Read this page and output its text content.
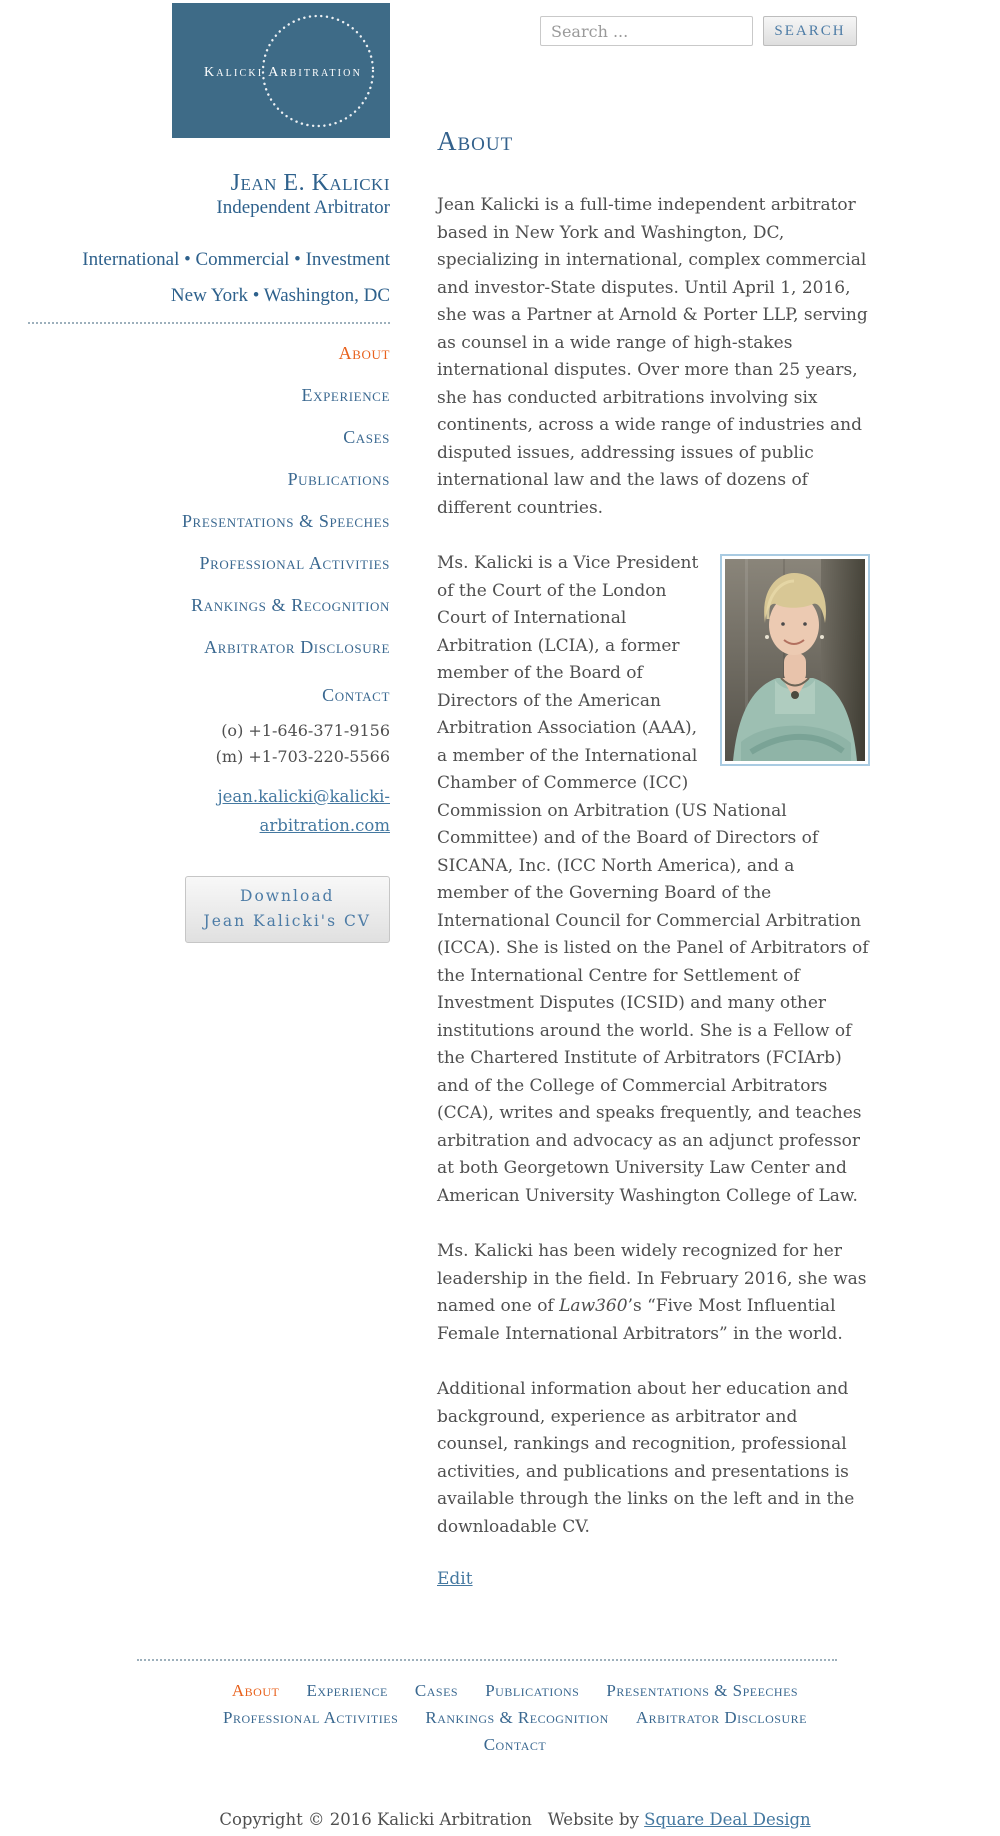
Search ...
SEARCH
Kalicki Arbitration
Jean E. Kalicki
Independent Arbitrator
International • Commercial • Investment
New York • Washington, DC
About
Experience
Cases
Publications
Presentations & Speeches
Professional Activities
Rankings & Recognition
Arbitrator Disclosure
Contact
(o) +1-646-371-9156
(m) +1-703-220-5566
jean.kalicki@kalicki-
arbitration.com
Download
Jean Kalicki's CV
About

Jean Kalicki is a full-time independent arbitrator based in New York and Washington, DC, specializing in international, complex commercial and investor-State disputes. Until April 1, 2016, she was a Partner at Arnold & Porter LLP, serving as counsel in a wide range of high-stakes international disputes. Over more than 25 years, she has conducted arbitrations involving six continents, across a wide range of industries and disputed issues, addressing issues of public international law and the laws of dozens of different countries.

Ms. Kalicki is a Vice President of the Court of the London Court of International Arbitration (LCIA), a former member of the Board of Directors of the American Arbitration Association (AAA), a member of the International Chamber of Commerce (ICC) Commission on Arbitration (US National Committee) and of the Board of Directors of SICANA, Inc. (ICC North America), and a member of the Governing Board of the International Council for Commercial Arbitration (ICCA). She is listed on the Panel of Arbitrators of the International Centre for Settlement of Investment Disputes (ICSID) and many other institutions around the world. She is a Fellow of the Chartered Institute of Arbitrators (FCIArb) and of the College of Commercial Arbitrators (CCA), writes and speaks frequently, and teaches arbitration and advocacy as an adjunct professor at both Georgetown University Law Center and American University Washington College of Law.

Ms. Kalicki has been widely recognized for her leadership in the field. In February 2016, she was named one of Law360’s “Five Most Influential Female International Arbitrators” in the world.

Additional information about her education and background, experience as arbitrator and counsel, rankings and recognition, professional activities, and publications and presentations is available through the links on the left and in the downloadable CV.

Edit
About Experience Cases Publications Presentations & Speeches
Professional Activities Rankings & Recognition Arbitrator Disclosure
Contact
Copyright © 2016 Kalicki Arbitration Website by Square Deal Design
